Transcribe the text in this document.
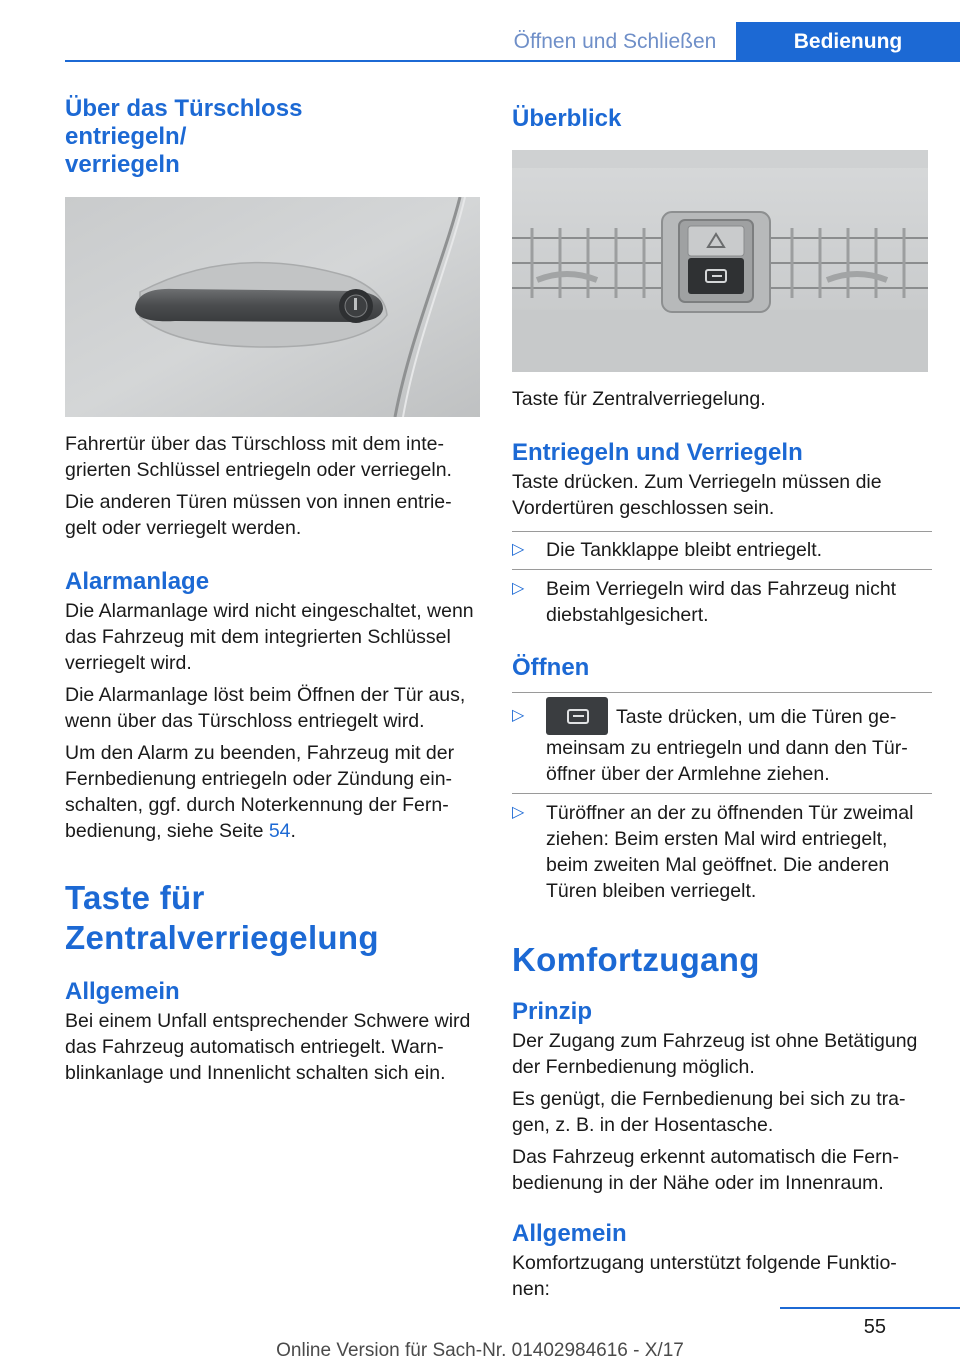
Öffnen und Schließen	Bedienung
Über das Türschloss entriegeln/
verriegeln

Fahrertür über das Türschloss mit dem inte-grierten Schlüssel entriegeln oder verriegeln.

Die anderen Türen müssen von innen entrie-gelt oder verriegelt werden.

Alarmanlage

Die Alarmanlage wird nicht eingeschaltet, wenn das Fahrzeug mit dem integrierten Schlüssel verriegelt wird.

Die Alarmanlage löst beim Öffnen der Tür aus, wenn über das Türschloss entriegelt wird.

Um den Alarm zu beenden, Fahrzeug mit der Fernbedienung entriegeln oder Zündung ein-schalten, ggf. durch Noterkennung der Fern-bedienung, siehe Seite 54.

Taste für Zentralverriegelung
Allgemein

Bei einem Unfall entsprechender Schwere wird das Fahrzeug automatisch entriegelt. Warn-blinkanlage und Innenlicht schalten sich ein.

Überblick

Taste für Zentralverriegelung.

Entriegeln und Verriegeln

Taste drücken. Zum Verriegeln müssen die Vordertüren geschlossen sein.

▷	Die Tankklappe bleibt entriegelt.
▷	Beim Verriegeln wird das Fahrzeug nicht diebstahlgesichert.
Öffnen
▷	Taste drücken, um die Türen ge-meinsam zu entriegeln und dann den Tür-öffner über der Armlehne ziehen.
▷	Türöffner an der zu öffnenden Tür zweimal ziehen: Beim ersten Mal wird entriegelt, beim zweiten Mal geöffnet. Die anderen Türen bleiben verriegelt.
Komfortzugang
Prinzip

Der Zugang zum Fahrzeug ist ohne Betätigung der Fernbedienung möglich.

Es genügt, die Fernbedienung bei sich zu tra-gen, z. B. in der Hosentasche.

Das Fahrzeug erkennt automatisch die Fern-bedienung in der Nähe oder im Innenraum.

Allgemein

Komfortzugang unterstützt folgende Funktio-nen:

55
Online Version für Sach-Nr. 01402984616 - X/17
